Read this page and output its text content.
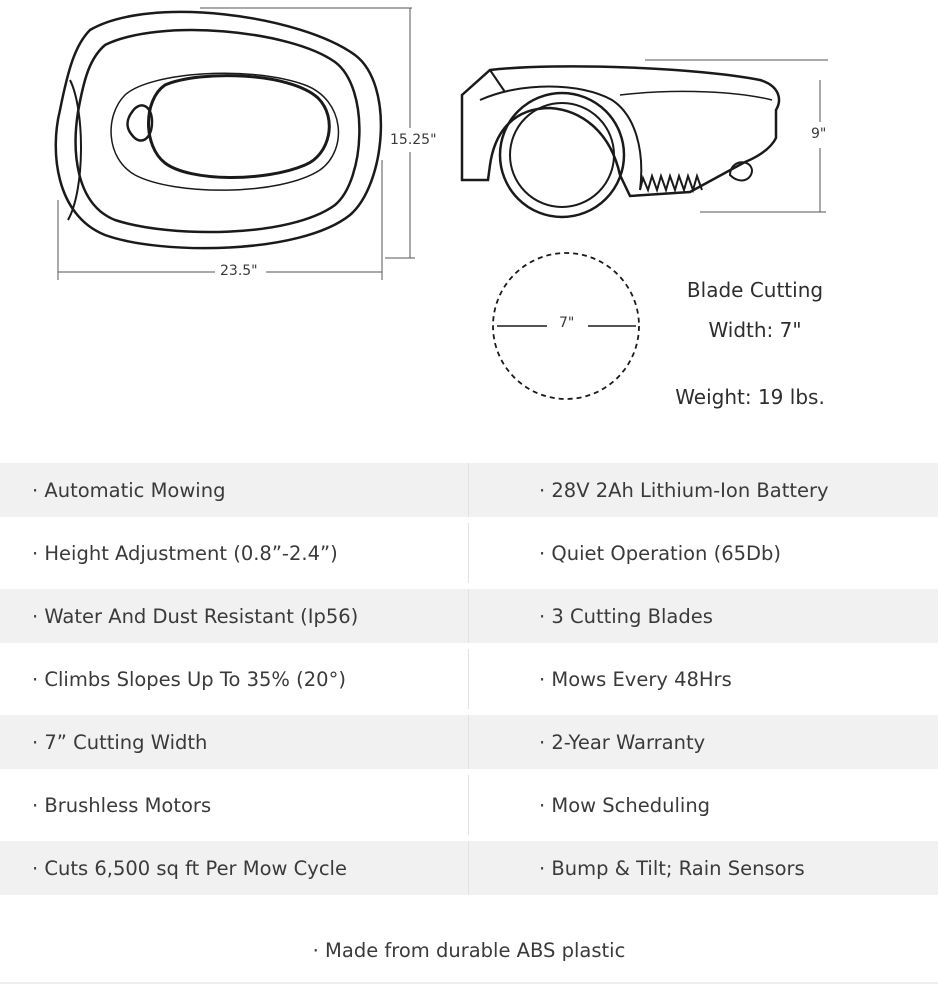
23.5"
15.25"	9"
7"
Blade Cutting
Width: 7"
Weight: 19 lbs.
· Automatic Mowing	· 28V 2Ah Lithium-Ion Battery
· Height Adjustment (0.8”-2.4”)	· Quiet Operation (65Db)
· Water And Dust Resistant (Ip56)	· 3 Cutting Blades
· Climbs Slopes Up To 35% (20°)	· Mows Every 48Hrs
· 7” Cutting Width	· 2-Year Warranty
· Brushless Motors	· Mow Scheduling
· Cuts 6,500 sq ft Per Mow Cycle	· Bump & Tilt; Rain Sensors
· Made from durable ABS plastic
